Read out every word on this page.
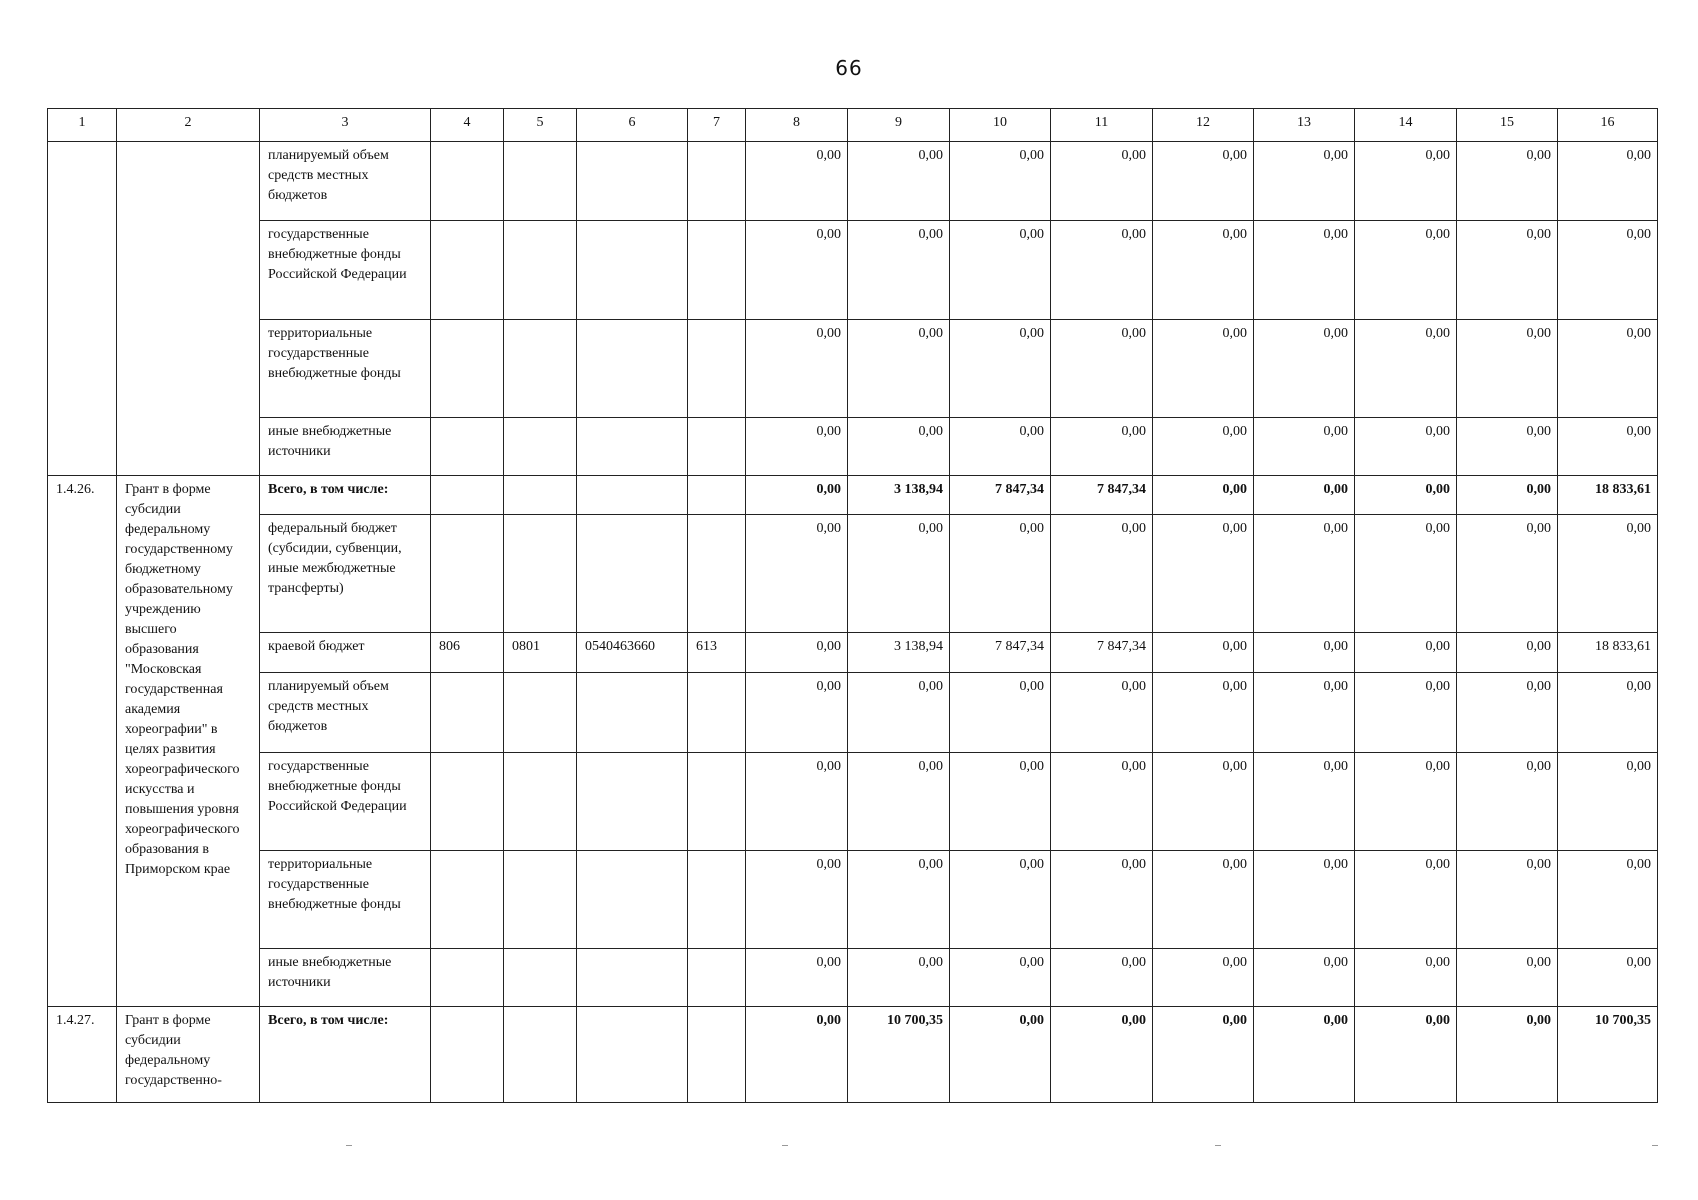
66
1	2	3	4	5	6	7	8	9	10	11	12	13	14	15	16
		планируемый объем средств местных бюджетов					0,00	0,00	0,00	0,00	0,00	0,00	0,00	0,00	0,00
		государственные внебюджетные фонды Российской Федерации					0,00	0,00	0,00	0,00	0,00	0,00	0,00	0,00	0,00
		территориальные государственные внебюджетные фонды					0,00	0,00	0,00	0,00	0,00	0,00	0,00	0,00	0,00
		иные внебюджетные источники					0,00	0,00	0,00	0,00	0,00	0,00	0,00	0,00	0,00
1.4.26.	Грант в форме субсидии федеральному государственному бюджетному образовательному учреждению высшего образования "Московская государственная академия хореографии" в целях развития хореографического искусства и повышения уровня хореографического образования в Приморском крае	Всего, в том числе:					0,00	3 138,94	7 847,34	7 847,34	0,00	0,00	0,00	0,00	18 833,61
		федеральный бюджет (субсидии, субвенции, иные межбюджетные трансферты)					0,00	0,00	0,00	0,00	0,00	0,00	0,00	0,00	0,00
		краевой бюджет	806	0801	0540463660	613	0,00	3 138,94	7 847,34	7 847,34	0,00	0,00	0,00	0,00	18 833,61
		планируемый объем средств местных бюджетов					0,00	0,00	0,00	0,00	0,00	0,00	0,00	0,00	0,00
		государственные внебюджетные фонды Российской Федерации					0,00	0,00	0,00	0,00	0,00	0,00	0,00	0,00	0,00
		территориальные государственные внебюджетные фонды					0,00	0,00	0,00	0,00	0,00	0,00	0,00	0,00	0,00
		иные внебюджетные источники					0,00	0,00	0,00	0,00	0,00	0,00	0,00	0,00	0,00
1.4.27.	Грант в форме субсидии федеральному государственно-	Всего, в том числе:					0,00	10 700,35	0,00	0,00	0,00	0,00	0,00	0,00	10 700,35
